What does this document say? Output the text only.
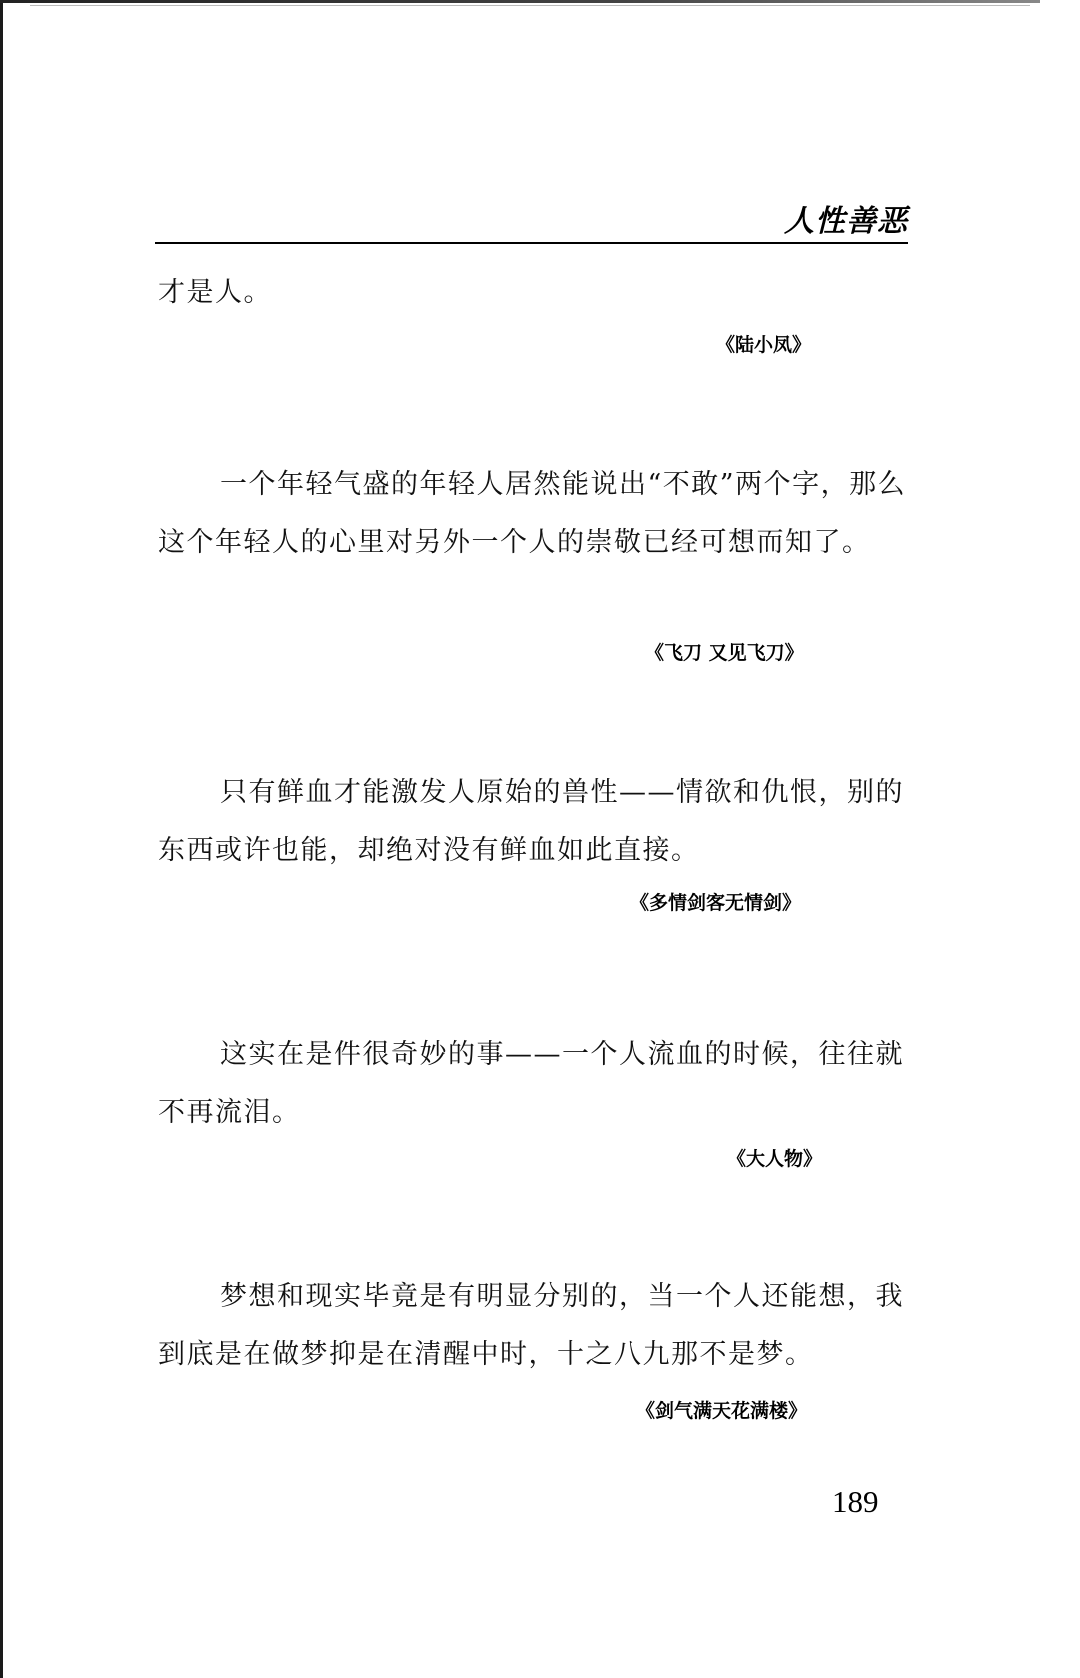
人性善恶
才是人。
《陆小凤》
一个年轻气盛的年轻人居然能说出“不敢”两个字，那么这个年轻人的心里对另外一个人的崇敬已经可想而知了。
《飞刀 又见飞刀》
只有鲜血才能激发人原始的兽性——情欲和仇恨，别的东西或许也能，却绝对没有鲜血如此直接。
《多情剑客无情剑》
这实在是件很奇妙的事——一个人流血的时候，往往就不再流泪。
《大人物》
梦想和现实毕竟是有明显分别的，当一个人还能想，我到底是在做梦抑是在清醒中时，十之八九那不是梦。
《剑气满天花满楼》
189
